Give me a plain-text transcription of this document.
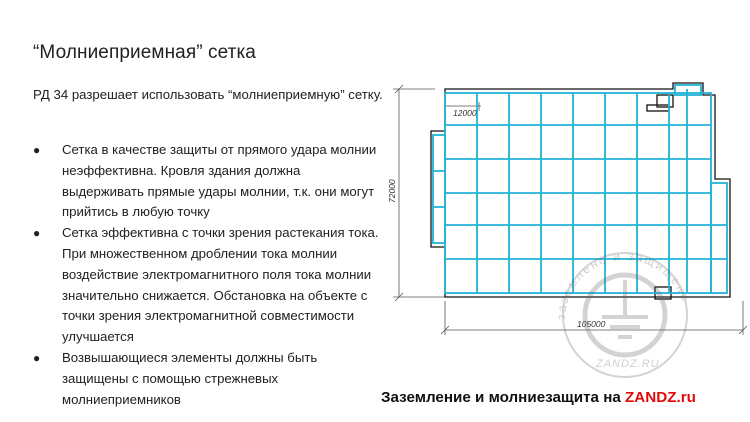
“Молниеприемная” сетка
РД 34 разрешает использовать “молниеприемную” сетку.
● Сетка в качестве защиты от прямого удара молнии неэффективна. Кровля здания должна выдерживать прямые удары молнии, т.к. они могут прийтись в любую точку
● Сетка эффективна с точки зрения растекания тока. При множественном дроблении тока молнии воздействие электромагнитного поля тока молнии значительно снижается. Обстановка на объекте с точки зрения электромагнитной совместимости улучшается
● Возвышающиеся элементы должны быть защищены с помощью стрежневых молниеприемников
12000
72000
105000
заземлено и защищено
ZANDZ.RU
Заземление и молниезащита на ZANDZ.ru
